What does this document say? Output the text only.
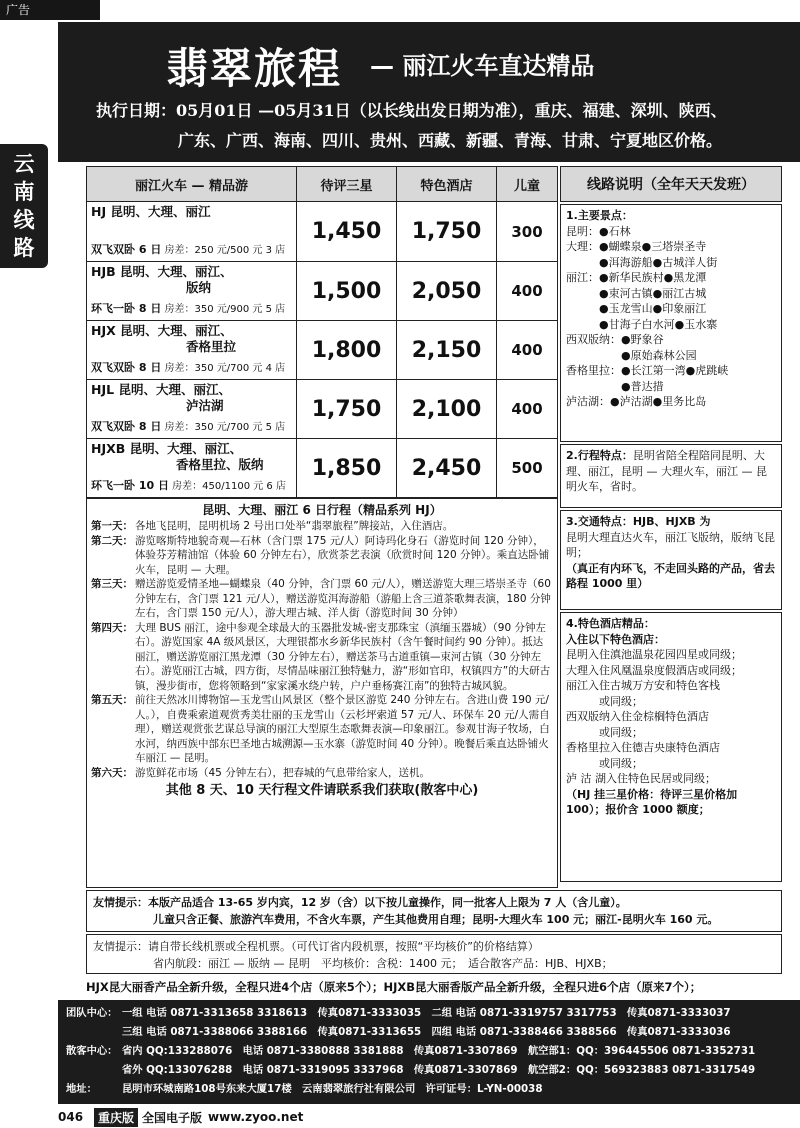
广告
翡翠旅程 — 丽江火车直达精品
执行日期：05月01日 —05月31日（以长线出发日期为准），重庆、福建、深圳、陕西、
广东、广西、海南、四川、贵州、西藏、新疆、青海、甘肃、宁夏地区价格。
云
南
线
路
丽江火车 — 精品游	待评三星	特色酒店	儿童
HJ 昆明、大理、丽江
双飞双卧 6 日 房差：250 元/500 元 3 店
1,450	1,750	300
HJB 昆明、大理、丽江、
版纳
环飞一卧 8 日 房差：350 元/900 元 5 店
1,500	2,050	400
HJX 昆明、大理、丽江、
香格里拉
双飞双卧 8 日 房差：350 元/700 元 4 店
1,800	2,150	400
HJL 昆明、大理、丽江、
泸沽湖
双飞双卧 8 日 房差：350 元/700 元 5 店
1,750	2,100	400
HJXB 昆明、大理、丽江、
香格里拉、版纳
环飞一卧 10 日 房差：450/1100 元 6 店
1,850	2,450	500
线路说明（全年天天发班）
1.主要景点：
昆明：●石林
大理：●蝴蝶泉●三塔崇圣寺
　　　●洱海游船●古城洋人街
丽江：●新华民族村●黑龙潭
　　　●束河古镇●丽江古城
　　　●玉龙雪山●印象丽江
　　　●甘海子白水河●玉水寨
西双版纳：●野象谷
　　　　　●原始森林公园
香格里拉：●长江第一湾●虎跳峡
　　　　　●普达措
泸沽湖：●泸沽湖●里务比岛
2.行程特点：昆明省陪全程陪同昆明、大理、丽江，昆明 — 大理火车，丽江 — 昆明火车，省时。
3.交通特点：HJB、HJXB 为
昆明大理直达火车，丽江飞版纳，版纳飞昆明；
（真正有内环飞，不走回头路的产品，省去路程 1000 里）
4.特色酒店精品：
入住以下特色酒店：
昆明入住滇池温泉花园四星或同级；
大理入住风凰温泉度假酒店或同级；
丽江入住古城万方安和特色客栈
　　　或同级；
西双版纳入住金棕榈特色酒店
　　　或同级；
香格里拉入住德吉央康特色酒店
　　　或同级；
泸 沽 湖入住特色民居或同级；
（HJ 挂三星价格：待评三星价格加 100）；报价含 1000 额度；
昆明、大理、丽江 6 日行程（精品系列 HJ）
第一天： 各地飞昆明，昆明机场 2 号出口处举“翡翠旅程”牌接站，入住酒店。
第二天： 游览喀斯特地貌奇观—石林（含门票 175 元/人）阿诗玛化身石（游览时间 120 分钟），体验芬芳精油馆（体验 60 分钟左右），欣赏茶艺表演（欣赏时间 120 分钟）。乘直达卧铺火车，昆明 — 大理。
第三天： 赠送游览爱情圣地—蝴蝶泉（40 分钟，含门票 60 元/人），赠送游览大理三塔崇圣寺（60 分钟左右，含门票 121 元/人），赠送游览洱海游船（游船上含三道茶歌舞表演，180 分钟左右，含门票 150 元/人），游大理古城、洋人街（游览时间 30 分钟）
第四天： 大理 BUS 丽江，途中参观全球最大的玉器批发城-密支那珠宝（滇缅玉器城）（90 分钟左右）。游览国家 4A 级风景区，大理银都水乡新华民族村（含午餐时间约 90 分钟）。抵达丽江，赠送游览丽江黑龙潭（30 分钟左右），赠送茶马古道重镇—束河古镇（30 分钟左右）。游览丽江古城，四方街，尽情品味丽江独特魅力，游“形如官印，权镇四方”的大研古镇，漫步街市，您将领略到“家家溪水绕户转，户户垂杨赛江南”的独特古城风貌。
第五天： 前往天然冰川博物馆—玉龙雪山风景区（整个景区游览 240 分钟左右。含进山费 190 元/人。），自费乘索道观赏秀美壮丽的玉龙雪山（云杉坪索道 57 元/人、环保车 20 元/人需自理），赠送观赏张艺谋总导演的丽江大型原生态歌舞表演—印象丽江。参观甘海子牧场，白水河，纳西族中部东巴圣地古城溯源—玉水寨（游览时间 40 分钟）。晚餐后乘直达卧铺火车丽江 — 昆明。
第六天： 游览鲜花市场（45 分钟左右），把春城的气息带给家人，送机。
其他 8 天、10 天行程文件请联系我们获取(散客中心)
友情提示：本版产品适合 13-65 岁内宾，12 岁（含）以下按儿童操作，同一批客人上限为 7 人（含儿童）。
儿童只含正餐、旅游汽车费用，不含火车票，产生其他费用自理；昆明-大理火车 100 元；丽江-昆明火车 160 元。
友情提示：请自带长线机票或全程机票。（可代订省内段机票，按照“平均核价”的价格结算）
省内航段：丽江 — 版纳 — 昆明　平均核价：含税：1400 元；　适合散客产品：HJB、HJXB；
HJX昆大丽香产品全新升级，全程只进4个店（原来5个）；HJXB昆大丽香版产品全新升级，全程只进6个店（原来7个）；
团队中心： 一组 电话 0871-3313658 3318613　传真0871-3333035　二组 电话 0871-3319757 3317753　传真0871-3333037
三组 电话 0871-3388066 3388166　传真0871-3313655　四组 电话 0871-3388466 3388566　传真0871-3333036
散客中心： 省内 QQ:133288076　电话 0871-3380888 3381888　传真0871-3307869　航空部1：QQ：396445506 0871-3352731
省外 QQ:133076288　电话 0871-3319095 3337968　传真0871-3307869　航空部2：QQ：569323883 0871-3317549
地址：	昆明市环城南路108号东来大厦17楼　云南翡翠旅行社有限公司　许可证号：L-YN-00038
046	重庆版 全国电子版 www.zyoo.net
